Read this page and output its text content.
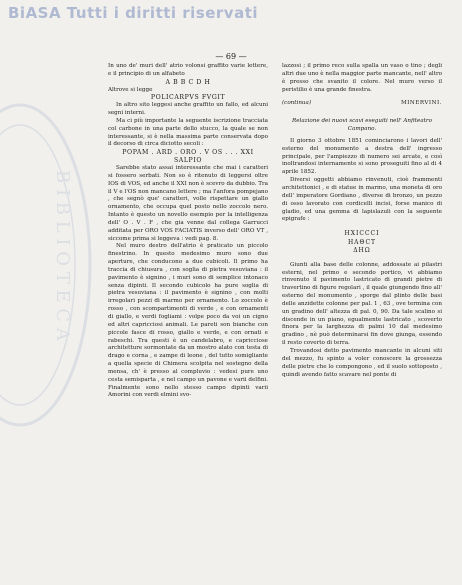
B I B L I O T E C A
BiASA Tutti i diritti riservati
— 69 —

In uno de' muri dell' atrio volonsi graffito varie lettere, e il principio di un alfabeto

A B B C D H

Altrove si legge

POLICARPVS FVGIT

In altro sito leggesi anche graffito un fallo, ed alcuni segni interni.

Ma ci più importante la seguente iscrizione tracciata col carbone in una parte dello stucco, la quale se non interessante, si è nella massima parte conservata dopo il decorso di circa diciotto secoli :

POPAM . ARD . ORO . V OS . . . XXI SALPIO

Sarebbe stato assai interessante che mai i caratteri si fossero serbati. Non so è ritenuto di leggersi oltre IOS di VOS, ed anche il XXI non è scevro da dubbio. Tra il V e l'OS non mancano lettere ; ma l'anfora pompejano , che segnò que' caratteri, volle rispettare un giallo ornamento, che occupa quel posto nello zoccolo nero. Intanto è questo un novello esempio per la intelligenza dell' O . V . F , che gia venne dal collega Garrucci additata per ORO VOS FACIATIS inverso dell' ORO VT , siccome prima si leggeva : vedi pag. 8.

Nel muro destro dell'atrio è praticato un piccolo finestrino. In questo medesimo muro sono due aperture, che conducono a due cubicoli. Il primo ha traccia di chiusura , con soglia di pietra vesuviana : il pavimento è signino , i muri sono di semplice intonaco senza dipinti. Il secondo cubicolo ha pure soglia di pietra vesuviana : il pavimento è signino , con molti irregolari pezzi di marmo per ornamento. Lo zoccolo è rosso , con scompartimenti di verde , e con ornamenti di giallo, e verdi fogliami : volpe poco da voi un cigno ed altri capricciosi animali. Le pareti son bianche con piccole fasce di rosso, giallo e verde, e con ornati e rabeschi. Tra questi è un candelabro, e capricciose architetture sormontate da un mostro alato con testa di drago e corna , e zampe di leone , del tutto somigliante a quella specie di Chimera scolpita nel sostegno della mensa, ch' è presso al compluvio : vedesi pure uno cesta semisparta , e nel campo un pavone e varii delfini. Finalmente sono nello stesso campo dipinti varii Amorini con verdi elmini svo-

lazzosi ; il primo reco sulla spalla un vaso o tino ; degli altri due uno è nella maggior parte mancante, nell' altro è presso che svanito il colore. Nel muro verso il peristilio è una grande finestra.

(continua)	MINERVINI.
Relazione dei nuovi scavi eseguiti nell' Anfiteatro Campano.

Il giorno 3 ottobre 1851 cominciarono i lavori dell' esterno del monumento a destra dell' ingresso principale, per l'ampiezzo di numero sei arcate, e così inoltrandosi internamente si sono proseguiti fino al di 4 aprile 1852.

Diversi oggetti abbiamo rinvenuti, cioè frammenti architettonici , e di statue in marmo, una moneta di oro dell' imperatore Gordiano , diverse di bronzo, un pezzo di osso lavorato con cordicelli incisi, forse manico di gladio, ed una gemma di lapislazuli con la seguente epigrafe :

ΗΧΙCCCΙ
ΗΑΘCΤ
ΔΗΩ

Giunti alla base delle colonne, addossate ai pilastri esterni, nel primo e secondo portico, vi abbiamo rinvenuto il pavimento lastricato di grandi pietre di travertino di figure regolari , il quale giungendo fino all' esterno del monumento , sporge dal plinto delle basi delle anzidette colonne per pal. 1 , 63 , ove termina con un gradino dell' altezza di pal. 0, 90. Da tale scalino si discende in un piano, egualmente lastricato , scoverto finora per la larghezza di palmi 10 dal medesimo gradino , nè può determinarsi fin dove giunga, essendo il resto coverto di terra.

Trovandosi detto pavimento mancante in alcuni siti del mezzo, fu spinto a voler conoscere la grossezza delle pietre che lo compongono , ed il suolo sottoposto , quindi avendo fatto scavare nel ponte di
